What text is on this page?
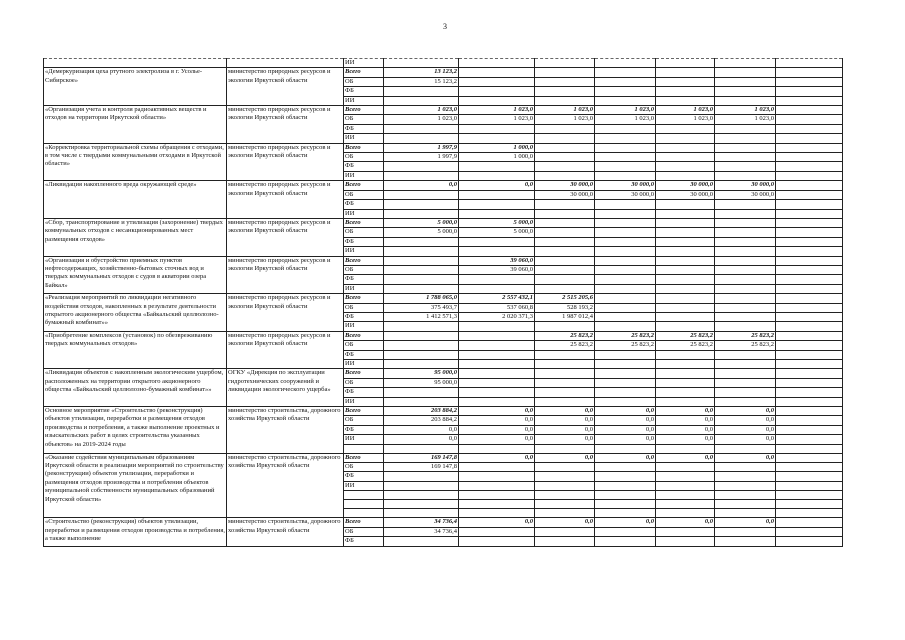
3
		ИИ							
«Демеркуризация цеха ртутного электролиза в г. Усолье-Сибирское»	министерство природных ресурсов и экологии Иркутской области	Всего	13 123,2						
		ОБ	15 123,2						
		ФБ							
		ИИ							
«Организация учета и контроля радиоактивных веществ и отходов на территории Иркутской области»	министерство природных ресурсов и экологии Иркутской области	Всего	1 023,0	1 023,0	1 023,0	1 023,0	1 023,0	1 023,0	
		ОБ	1 023,0	1 023,0	1 023,0	1 023,0	1 023,0	1 023,0	
		ФБ							
		ИИ							
«Корректировка территориальной схемы обращения с отходами, в том числе с твердыми коммунальными отходами в Иркутской области»	министерство природных ресурсов и экологии Иркутской области	Всего	1 997,9	1 000,0					
		ОБ	1 997,9	1 000,0					
		ФБ							
		ИИ							
«Ликвидация накопленного вреда окружающей среде»	министерство природных ресурсов и экологии Иркутской области	Всего	0,0	0,0	30 000,0	30 000,0	30 000,0	30 000,0	
		ОБ			30 000,0	30 000,0	30 000,0	30 000,0	
		ФБ							
		ИИ							
«Сбор, транспортирование и утилизация (захоронение) твердых коммунальных отходов с несанкционированных мест размещения отходов»	министерство природных ресурсов и экологии Иркутской области	Всего	5 000,0	5 000,0					
		ОБ	5 000,0	5 000,0					
		ФБ							
		ИИ							
«Организация и обустройство приемных пунктов нефтесодержащих, хозяйственно-бытовых сточных вод и твердых коммунальных отходов с судов в акватории озера Байкал»	министерство природных ресурсов и экологии Иркутской области	Всего		39 060,0					
		ОБ		39 060,0					
		ФБ							
		ИИ							
«Реализация мероприятий по ликвидации негативного воздействия отходов, накопленных в результате деятельности открытого акционерного общества «Байкальский целлюлозно-бумажный комбинат»»	министерство природных ресурсов и экологии Иркутской области	Всего	1 788 065,0	2 557 432,1	2 515 205,6				
		ОБ	375 493,7	537 060,8	528 193,2				
		ФБ	1 412 571,3	2 020 371,3	1 987 012,4				
		ИИ							
«Приобретение комплексов (установок) по обезвреживанию твердых коммунальных отходов»	министерство природных ресурсов и экологии Иркутской области	Всего			25 823,2	25 823,2	25 823,2	25 823,2	
		ОБ			25 823,2	25 823,2	25 823,2	25 823,2	
		ФБ							
		ИИ							
«Ликвидация объектов с накопленным экологическим ущербом, расположенных на территории открытого акционерного общества «Байкальский целлюлозно-бумажный комбинат»»	ОГКУ «Дирекция по эксплуатации гидротехнических сооружений и ликвидации экологического ущерба»	Всего	95 000,0						
		ОБ	95 000,0						
		ФБ							
		ИИ							
Основное мероприятие «Строительство (реконструкция) объектов утилизации, переработки и размещения отходов производства и потребления, а также выполнение проектных и изыскательских работ в целях строительства указанных объектов» на 2019-2024 годы	министерство строительства, дорожного хозяйства Иркутской области	Всего	203 884,2	0,0	0,0	0,0	0,0	0,0	
		ОБ	203 884,2	0,0	0,0	0,0	0,0	0,0	
		ФБ	0,0	0,0	0,0	0,0	0,0	0,0	
		ИИ	0,0	0,0	0,0	0,0	0,0	0,0	

«Оказание содействия муниципальным образованиям Иркутской области в реализации мероприятий по строительству (реконструкции) объектов утилизации, переработки и размещения отходов производства и потребления объектов муниципальной собственности муниципальных образований Иркутской области»	министерство строительства, дорожного хозяйства Иркутской области	Всего	169 147,8	0,0	0,0	0,0	0,0	0,0	
		ОБ	169 147,8						
		ФБ							
		ИИ							

«Строительство (реконструкция) объектов утилизации, переработки и размещения отходов производства и потребления, а также выполнение	министерство строительства, дорожного хозяйства Иркутской области	Всего	34 736,4	0,0	0,0	0,0	0,0	0,0	
		ОБ	34 736,4						
		ФБ							
